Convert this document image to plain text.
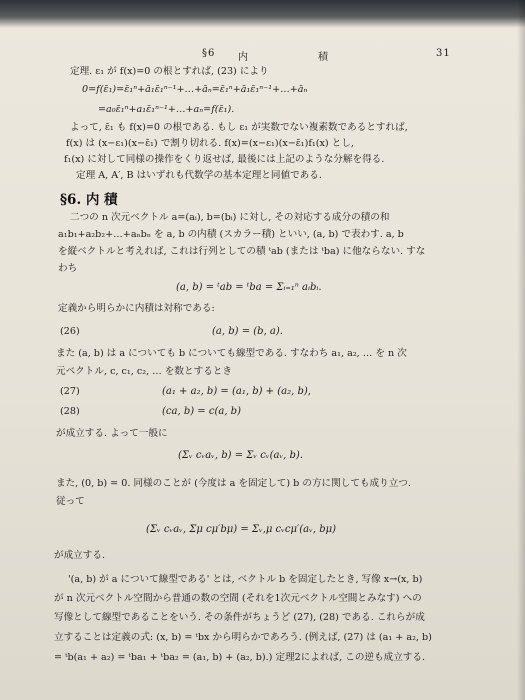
§6 内	積	31
定理. ε₁ が f(x)=0 の根とすれば, (23) により
0=f(ε̄₁)=ε̄₁ⁿ+ā₁ε̄₁ⁿ⁻¹+…+āₙ=ε̄₁ⁿ+ā₁ε̄₁ⁿ⁻¹+…+āₙ
=a₀ε̄₁ⁿ+a₁ε̄₁ⁿ⁻¹+…+aₙ=f(ε̄₁).
よって, ε̄₁ も f(x)=0 の根である. もし ε₁ が実数でない複素数であるとすれば,
f(x) は (x−ε₁)(x−ε̄₁) で割り切れる. f(x)=(x−ε₁)(x−ε̄₁)f₁(x) とし,
f₁(x) に対して同様の操作をくり返せば, 最後には上記のような分解を得る.
定理 A, A′, B はいずれも代数学の基本定理と同値である.
§6. 内 積
二つの n 次元ベクトル a=(aᵢ), b=(bᵢ) に対し, その対応する成分の積の和
a₁b₁+a₂b₂+…+aₙbₙ を a, b の内積 (スカラー積) といい, (a, b) で表わす. a, b
を縦ベクトルと考えれば, これは行列としての積 ᵗab (または ᵗba) に他ならない. すな
わち
(a, b) = ᵗab = ᵗba = Σᵢ₌₁ⁿ aᵢbᵢ.
定義から明らかに内積は対称である:
(26)	(a, b) = (b, a).
また (a, b) は a についても b についても線型である. すなわち a₁, a₂, … を n 次
元ベクトル, c, c₁, c₂, … を数とするとき
(27)	(a₁ + a₂, b) = (a₁, b) + (a₂, b),
(28)	(ca, b) = c(a, b)
が成立する. よって一般に
(Σᵥ cᵥaᵥ, b) = Σᵥ cᵥ(aᵥ, b).
また, (0, b) = 0. 同様のことが (今度は a を固定して) b の方に関しても成り立つ.
従って
(Σᵥ cᵥaᵥ, Σμ cμ′bμ) = Σᵥ,μ cᵥcμ′(aᵥ, bμ)
が成立する.
'(a, b) が a について線型である' とは, ベクトル b を固定したとき, 写像 x→(x, b)
が n 次元ベクトル空間から普通の数の空間 (それを1次元ベクトル空間とみなす) への
写像として線型であることをいう. その条件がちょうど (27), (28) である. これらが成
立することは定義の式: (x, b) = ᵗbx から明らかであろう. (例えば, (27) は (a₁ + a₂, b)
= ᵗb(a₁ + a₂) = ᵗba₁ + ᵗba₂ = (a₁, b) + (a₂, b).) 定理2によれば, この逆も成立する.
